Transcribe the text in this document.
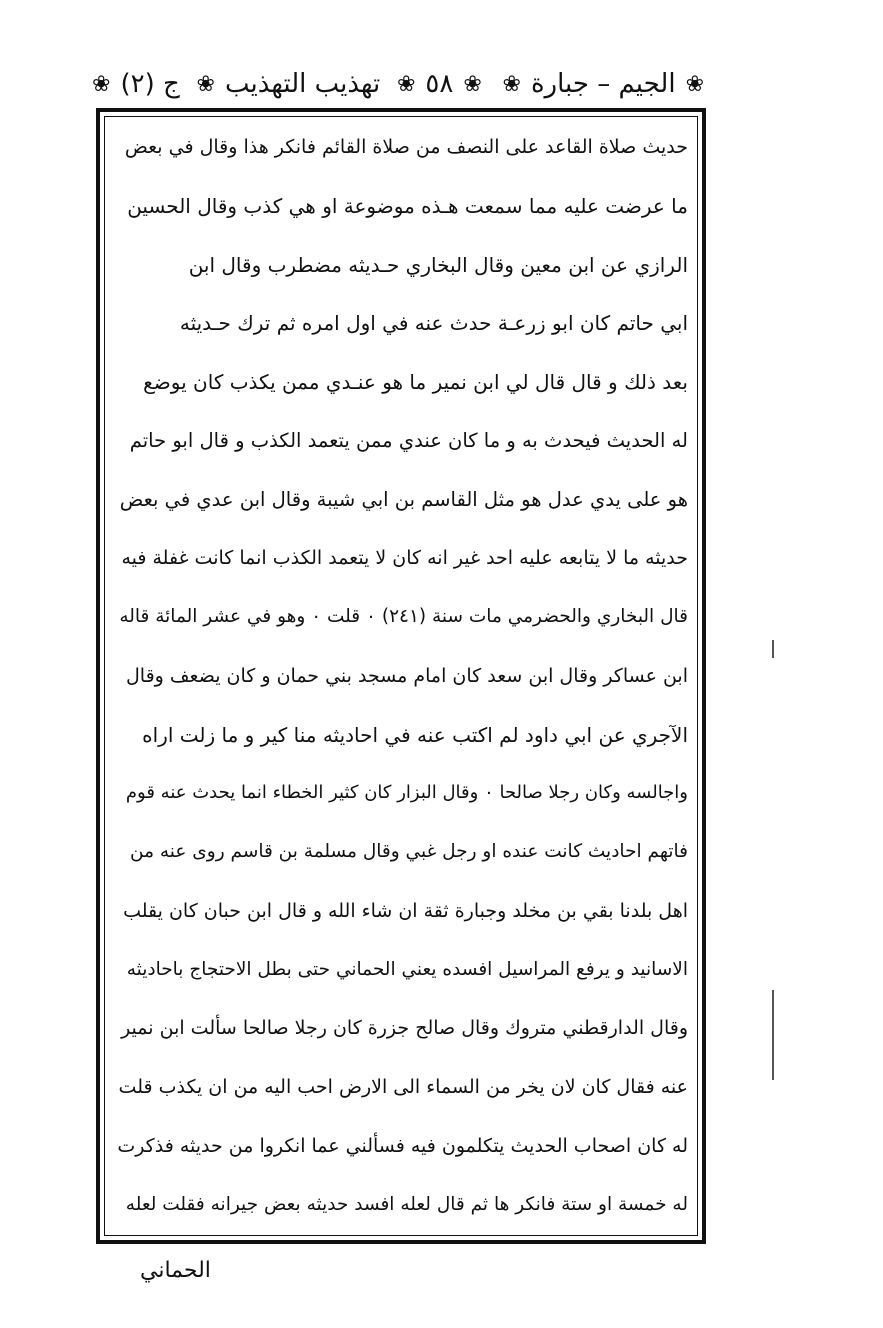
ج (٢)
❀	تهذيب التهذيب
❀	❀
٥٨
❀	❀
الجيم – جبارة
❀
حديث صلاة القاعد على النصف من صلاة القائم فانكر هذا وقال في بعض
ما عرضت عليه مما سمعت هـذه موضوعة او هي كذب وقال الحسين
الرازي عن ابن معين وقال البخاري حـديثه مضطرب وقال ابن
ابي حاتم كان ابو زرعـة حدث عنه في اول امره ثم ترك حـديثه
بعد ذلك و قال قال لي ابن نمير ما هو عنـدي ممن يكذب كان يوضع
له الحديث فيحدث به و ما كان عندي ممن يتعمد الكذب و قال ابو حاتم
هو على يدي عدل هو مثل القاسم بن ابي شيبة وقال ابن عدي في بعض
حديثه ما لا يتابعه عليه احد غير انه كان لا يتعمد الكذب انما كانت غفلة فيه
قال البخاري والحضرمي مات سنة (٢٤١) ٠ قلت ٠ وهو في عشر المائة قاله
ابن عساكر وقال ابن سعد كان امام مسجد بني حمان و كان يضعف وقال
الآجري عن ابي داود لم اكتب عنه في احاديثه منا كير و ما زلت اراه
واجالسه وكان رجلا صالحا ٠ وقال البزار كان كثير الخطاء انما يحدث عنه قوم
فاتهم احاديث كانت عنده او رجل غبي وقال مسلمة بن قاسم روى عنه من
اهل بلدنا بقي بن مخلد وجبارة ثقة ان شاء الله و قال ابن حبان كان يقلب
الاسانيد و يرفع المراسيل افسده يعني الحماني حتى بطل الاحتجاج باحاديثه
وقال الدارقطني متروك وقال صالح جزرة كان رجلا صالحا سألت ابن نمير
عنه فقال كان لان يخر من السماء الى الارض احب اليه من ان يكذب قلت
له كان اصحاب الحديث يتكلمون فيه فسألني عما انكروا من حديثه فذكرت
له خمسة او ستة فانكر ها ثم قال لعله افسد حديثه بعض جيرانه فقلت لعله
الحماني
